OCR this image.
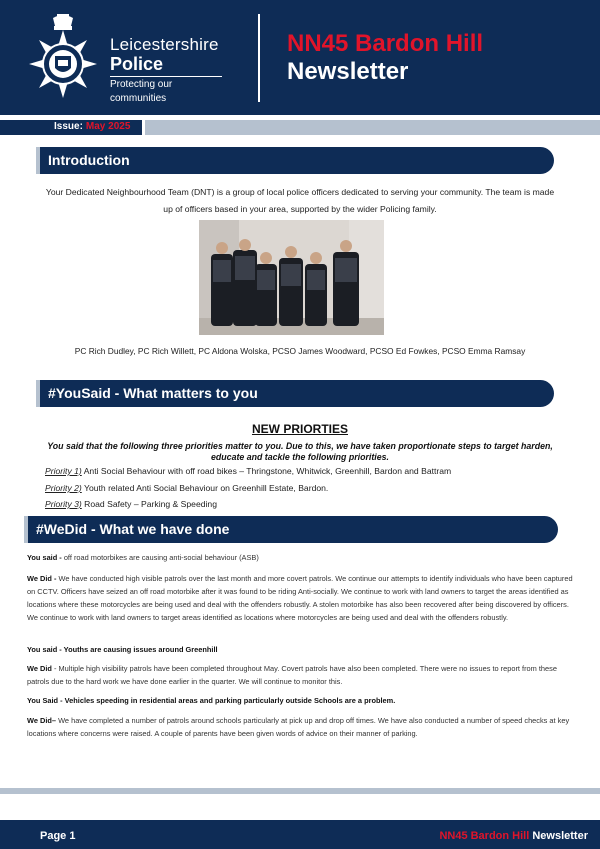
Leicestershire
Police
Protecting our communities
NN45 Bardon Hill
Newsletter
Issue: May 2025
Introduction
Your Dedicated Neighbourhood Team (DNT) is a group of local police officers dedicated to serving your community. The team is made up of officers based in your area, supported by the wider Policing family.
PC Rich Dudley, PC Rich Willett, PC Aldona Wolska, PCSO James Woodward, PCSO Ed Fowkes, PCSO Emma Ramsay
#YouSaid - What matters to you
NEW PRIORTIES
You said that the following three priorities matter to you. Due to this, we have taken proportionate steps to target harden, educate and tackle the following priorities.
Priority 1) Anti Social Behaviour with off road bikes – Thringstone, Whitwick, Greenhill, Bardon and Battram
Priority 2) Youth related Anti Social Behaviour on Greenhill Estate, Bardon.
Priority 3) Road Safety – Parking & Speeding
#WeDid - What we have done
You said - off road motorbikes are causing anti-social behaviour (ASB)
We Did - We have conducted high visible patrols over the last month and more covert patrols. We continue our attempts to identify individuals who have been captured on CCTV. Officers have seized an off road motorbike after it was found to be riding Anti-socially. We continue to work with land owners to target the areas identified as locations where these motorcycles are being used and deal with the offenders robustly. A stolen motorbike has also been recovered after being discovered by officers. We continue to work with land owners to target areas identified as locations where motorcycles are being used and deal with the offenders robustly.
You said - Youths are causing issues around Greenhill
We Did - Multiple high visibility patrols have been completed throughout May. Covert patrols have also been completed. There were no issues to report from these patrols due to the hard work we have done earlier in the quarter. We will continue to monitor this.
You Said - Vehicles speeding in residential areas and parking particularly outside Schools are a problem.
We Did– We have completed a number of patrols around schools particularly at pick up and drop off times. We have also conducted a number of speed checks at key locations where concerns were raised. A couple of parents have been given words of advice on their manner of parking.
Page 1	NN45 Bardon Hill Newsletter
